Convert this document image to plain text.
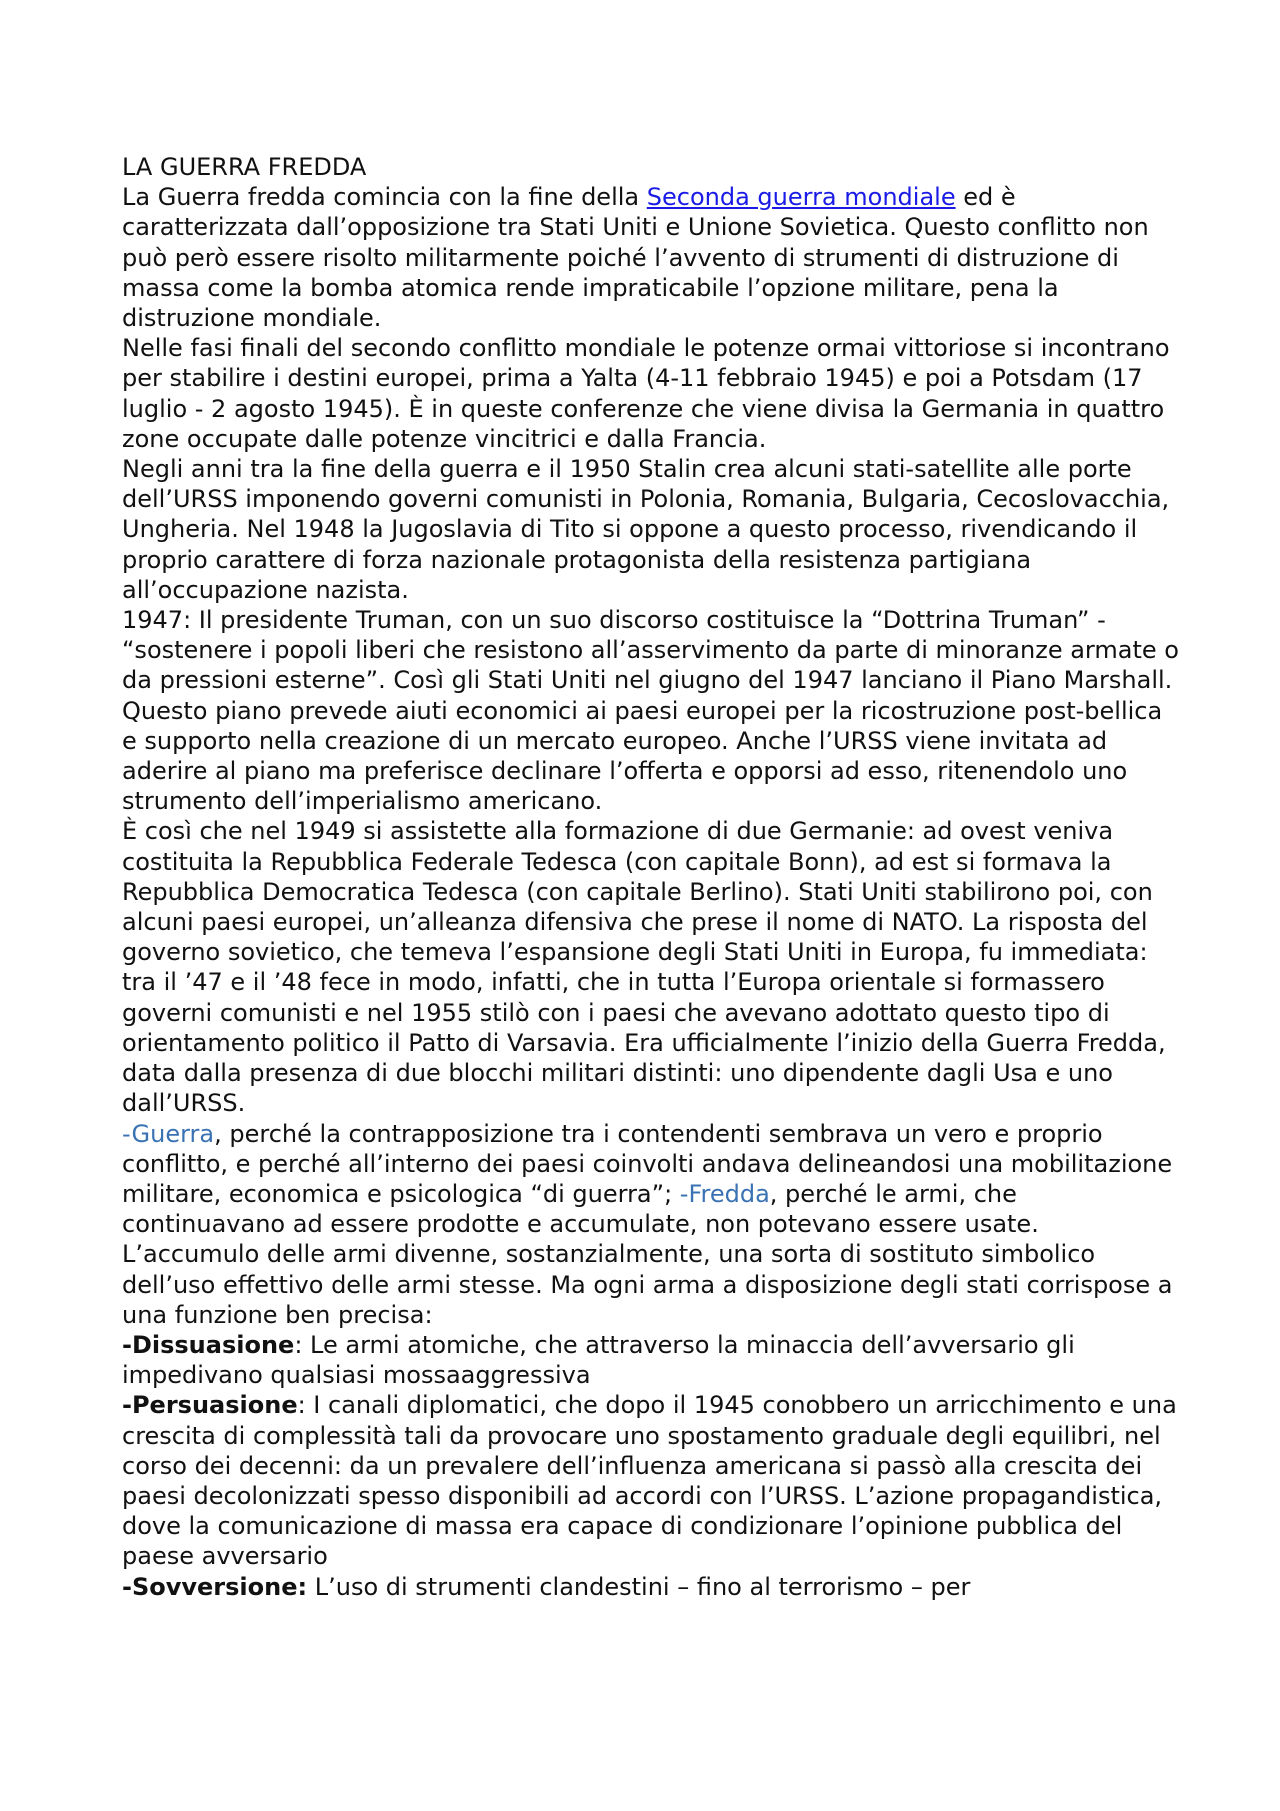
LA GUERRA FREDDA

La Guerra fredda comincia con la fine della Seconda guerra mondiale ed è caratterizzata dall’opposizione tra Stati Uniti e Unione Sovietica. Questo conflitto non può però essere risolto militarmente poiché l’avvento di strumenti di distruzione di massa come la bomba atomica rende impraticabile l’opzione militare, pena la distruzione mondiale.

Nelle fasi finali del secondo conflitto mondiale le potenze ormai vittoriose si incontrano per stabilire i destini europei, prima a Yalta (4-11 febbraio 1945) e poi a Potsdam (17 luglio - 2 agosto 1945). È in queste conferenze che viene divisa la Germania in quattro zone occupate dalle potenze vincitrici e dalla Francia.

Negli anni tra la fine della guerra e il 1950 Stalin crea alcuni stati-satellite alle porte dell’URSS imponendo governi comunisti in Polonia, Romania, Bulgaria, Cecoslovacchia, Ungheria. Nel 1948 la Jugoslavia di Tito si oppone a questo processo, rivendicando il proprio carattere di forza nazionale protagonista della resistenza partigiana all’occupazione nazista.

1947: Il presidente Truman, con un suo discorso costituisce la “Dottrina Truman” - “sostenere i popoli liberi che resistono all’asservimento da parte di minoranze armate o da pressioni esterne”. Così gli Stati Uniti nel giugno del 1947 lanciano il Piano Marshall. Questo piano prevede aiuti economici ai paesi europei per la ricostruzione post-bellica e supporto nella creazione di un mercato europeo. Anche l’URSS viene invitata ad aderire al piano ma preferisce declinare l’offerta e opporsi ad esso, ritenendolo uno strumento dell’imperialismo americano.

È così che nel 1949 si assistette alla formazione di due Germanie: ad ovest veniva costituita la Repubblica Federale Tedesca (con capitale Bonn), ad est si formava la Repubblica Democratica Tedesca (con capitale Berlino). Stati Uniti stabilirono poi, con alcuni paesi europei, un’alleanza difensiva che prese il nome di NATO. La risposta del governo sovietico, che temeva l’espansione degli Stati Uniti in Europa, fu immediata: tra il ’47 e il ’48 fece in modo, infatti, che in tutta l’Europa orientale si formassero governi comunisti e nel 1955 stilò con i paesi che avevano adottato questo tipo di orientamento politico il Patto di Varsavia. Era ufficialmente l’inizio della Guerra Fredda, data dalla presenza di due blocchi militari distinti: uno dipendente dagli Usa e uno dall’URSS.

-Guerra, perché la contrapposizione tra i contendenti sembrava un vero e proprio conflitto, e perché all’interno dei paesi coinvolti andava delineandosi una mobilitazione militare, economica e psicologica “di guerra”; -Fredda, perché le armi, che continuavano ad essere prodotte e accumulate, non potevano essere usate.

L’accumulo delle armi divenne, sostanzialmente, una sorta di sostituto simbolico dell’uso effettivo delle armi stesse. Ma ogni arma a disposizione degli stati corrispose a una funzione ben precisa:

-Dissuasione: Le armi atomiche, che attraverso la minaccia dell’avversario gli impedivano qualsiasi mossaaggressiva

-Persuasione: I canali diplomatici, che dopo il 1945 conobbero un arricchimento e una crescita di complessità tali da provocare uno spostamento graduale degli equilibri, nel corso dei decenni: da un prevalere dell’influenza americana si passò alla crescita dei paesi decolonizzati spesso disponibili ad accordi con l’URSS. L’azione propagandistica, dove la comunicazione di massa era capace di condizionare l’opinione pubblica del paese avversario

-Sovversione: L’uso di strumenti clandestini – fino al terrorismo – per
